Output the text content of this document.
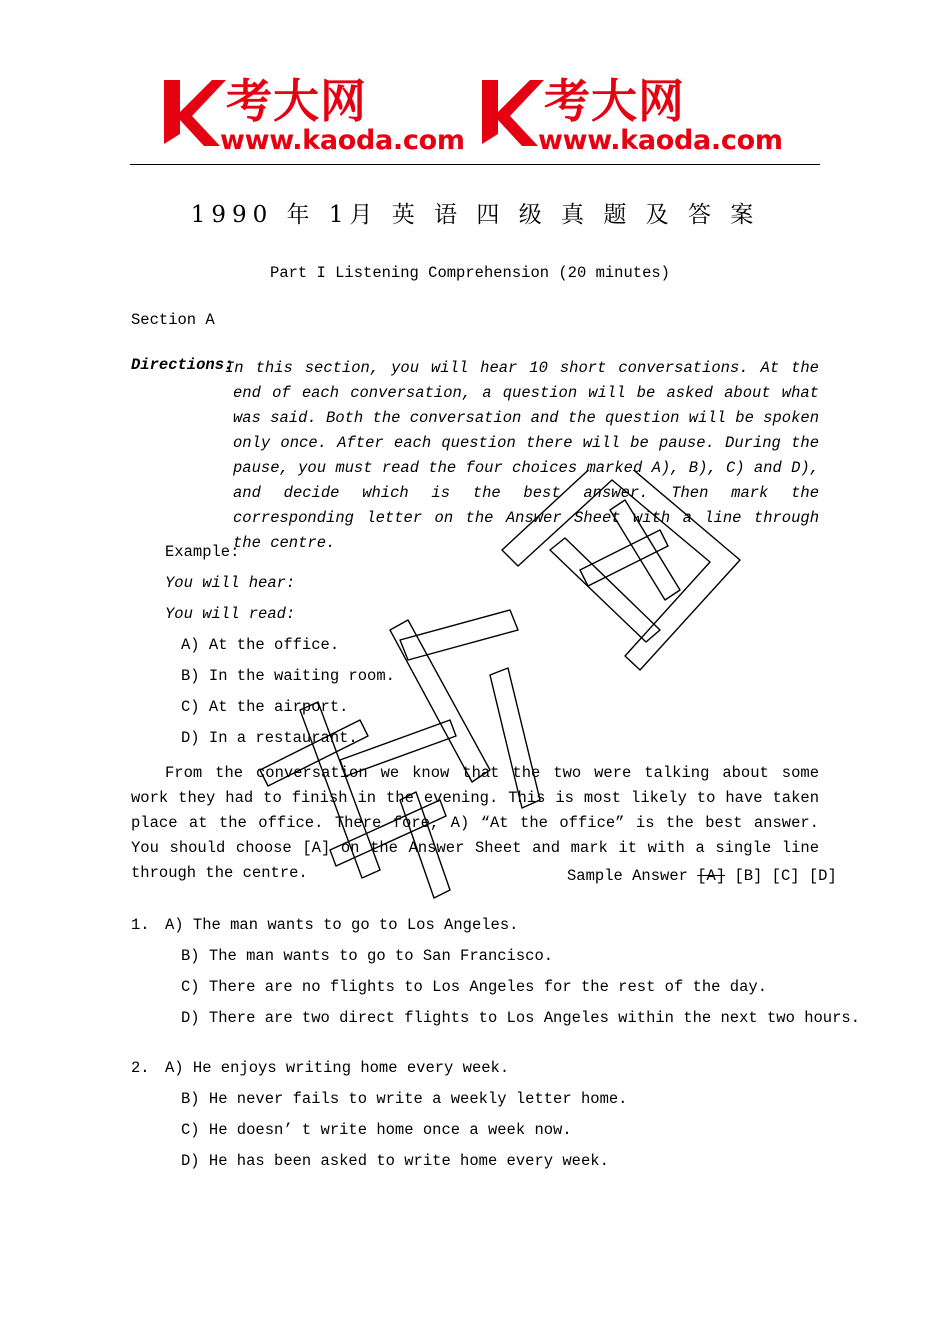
考大网
www.kaoda.com
考大网
www.kaoda.com
1990 年 1月 英 语 四 级 真 题 及 答 案
Part I Listening Comprehension (20 minutes)
Section A
Directions:
In this section, you will hear 10 short conversations. At the end of each conversation, a question will be asked about what was said. Both the conversation and the question will be spoken only once. After each question there will be pause. During the pause, you must read the four choices marked A), B), C) and D), and decide which is the best answer. Then mark the corresponding letter on the Answer Sheet with a line through the centre.
Example:
You will hear:
You will read:
A) At the office.
B) In the waiting room.
C) At the airport.
D) In a restaurant.
From the conversation we know that the two were talking about some work they had to finish in the evening. This is most likely to have taken place at the office. There fore, A) “At the office” is the best answer. You should choose [A] on the Answer Sheet and mark it with a single line through the centre.	Sample Answer [A] [B] [C] [D]
1. A) The man wants to go to Los Angeles.
B) The man wants to go to San Francisco.
C) There are no flights to Los Angeles for the rest of the day.
D) There are two direct flights to Los Angeles within the next two hours.
2. A) He enjoys writing home every week.
B) He never fails to write a weekly letter home.
C) He doesn’ t write home once a week now.
D) He has been asked to write home every week.
